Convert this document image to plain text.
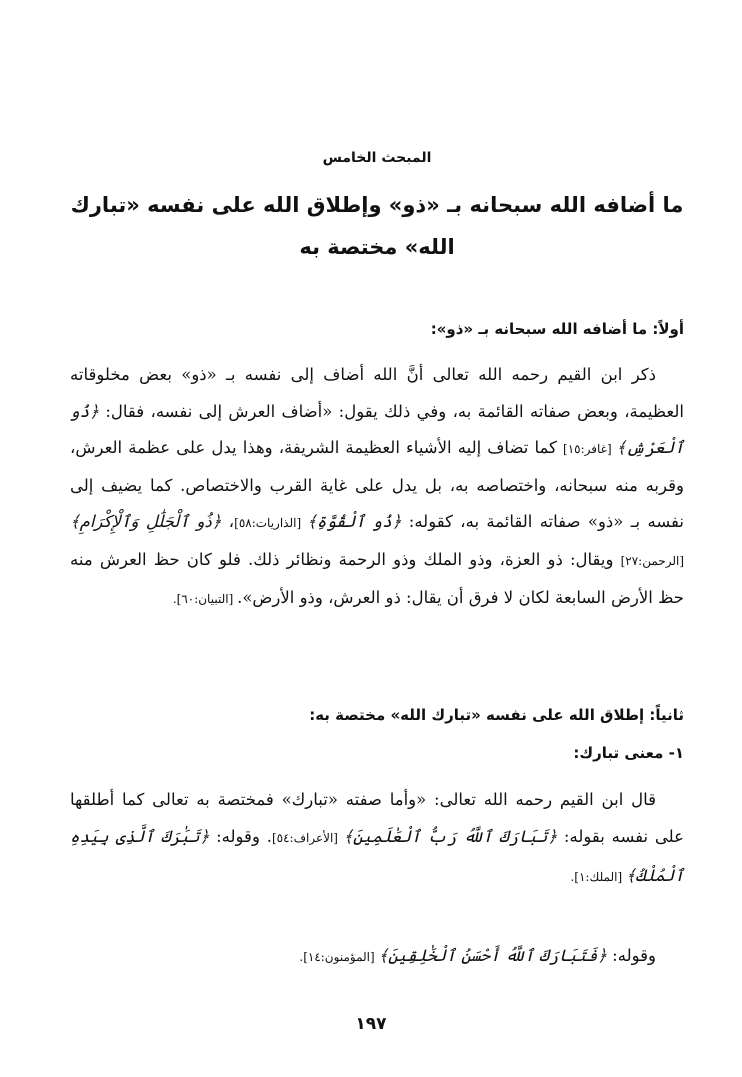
المبحث الخامس
ما أضافه الله سبحانه بـ «ذو» وإطلاق الله على نفسه «تبارك
الله» مختصة به
أولاً: ما أضافه الله سبحانه بـ «ذو»:

ذكر ابن القيم رحمه الله تعالى أنَّ الله أضاف إلى نفسه بـ «ذو» بعض مخلوقاته العظيمة، وبعض صفاته القائمة به، وفي ذلك يقول: «أضاف العرش إلى نفسه، فقال: ﴿ذُو ٱلْعَرْشِ﴾ [غافر:١٥] كما تضاف إليه الأشياء العظيمة الشريفة، وهذا يدل على عظمة العرش، وقربه منه سبحانه، واختصاصه به، بل يدل على غاية القرب والاختصاص. كما يضيف إلى نفسه بـ «ذو» صفاته القائمة به، كقوله: ﴿ذُو ٱلْقُوَّةِ﴾ [الذاريات:٥٨]، ﴿ذُو ٱلْجَلَٰلِ وَٱلْإِكْرَامِ﴾ [الرحمن:٢٧] ويقال: ذو العزة، وذو الملك وذو الرحمة ونظائر ذلك. فلو كان حظ العرش منه حظ الأرض السابعة لكان لا فرق أن يقال: ذو العرش، وذو الأرض». [التبيان:٦٠].

ثانياً: إطلاق الله على نفسه «تبارك الله» مختصة به:
١- معنى تبارك:

قال ابن القيم رحمه الله تعالى: «وأما صفته «تبارك» فمختصة به تعالى كما أطلقها على نفسه بقوله: ﴿تَبَارَكَ ٱللَّهُ رَبُّ ٱلْعَٰلَمِينَ﴾ [الأعراف:٥٤]. وقوله: ﴿تَبَٰرَكَ ٱلَّذِى بِيَدِهِ ٱلْمُلْكُ﴾ [الملك:١].

وقوله: ﴿فَتَبَارَكَ ٱللَّهُ أَحْسَنُ ٱلْخَٰلِقِينَ﴾ [المؤمنون:١٤].

١٩٧
